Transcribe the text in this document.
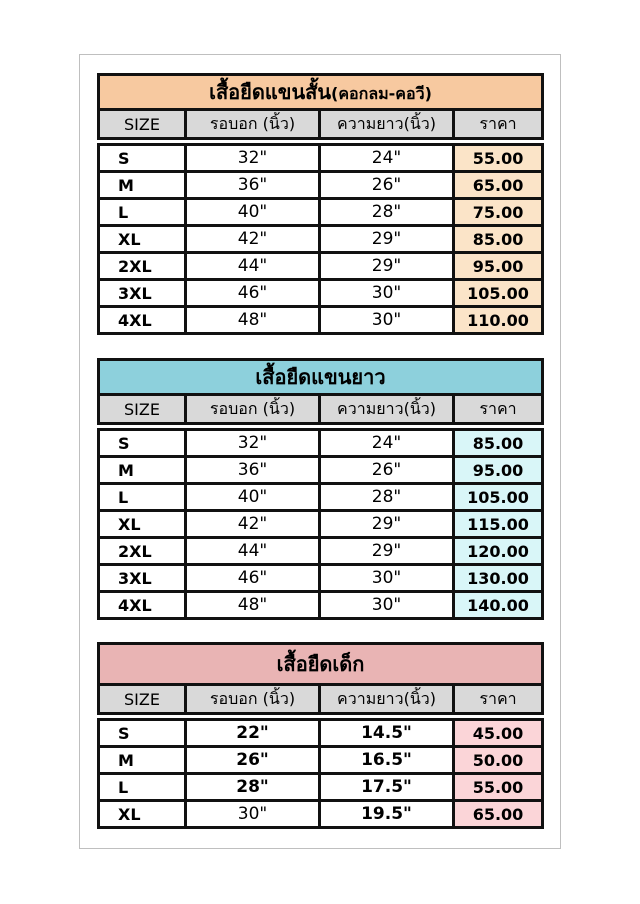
เสื้อยืดแขนสั้น(คอกลม-คอวี)			
SIZE	รอบอก (นิ้ว)	ความยาว(นิ้ว)	ราคา

S	32"	24"	55.00
M	36"	26"	65.00
L	40"	28"	75.00
XL	42"	29"	85.00
2XL	44"	29"	95.00
3XL	46"	30"	105.00
4XL	48"	30"	110.00
เสื้อยืดแขนยาว			
SIZE	รอบอก (นิ้ว)	ความยาว(นิ้ว)	ราคา

S	32"	24"	85.00
M	36"	26"	95.00
L	40"	28"	105.00
XL	42"	29"	115.00
2XL	44"	29"	120.00
3XL	46"	30"	130.00
4XL	48"	30"	140.00
เสื้อยืดเด็ก			
SIZE	รอบอก (นิ้ว)	ความยาว(นิ้ว)	ราคา

S	22"	14.5"	45.00
M	26"	16.5"	50.00
L	28"	17.5"	55.00
XL	30"	19.5"	65.00
